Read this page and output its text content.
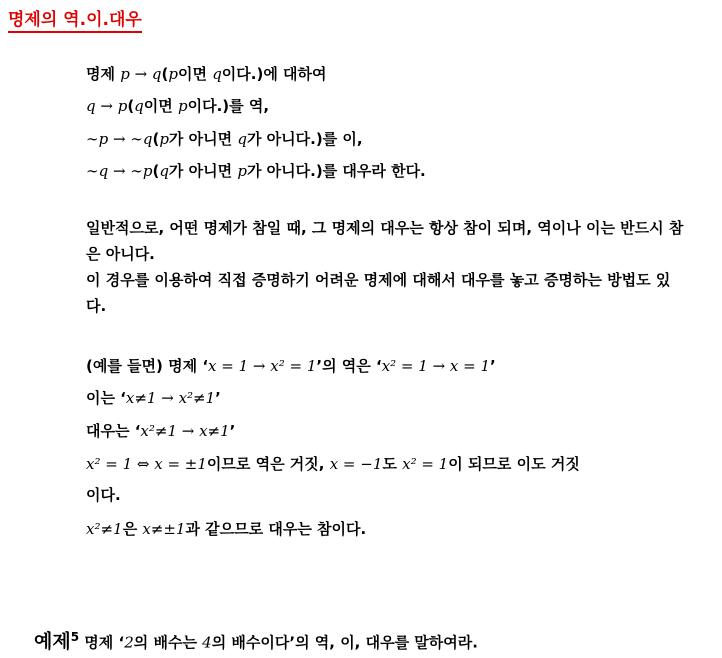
명제의 역.이.대우
명제 p → q(p이면 q이다.)에 대하여
q → p(q이면 p이다.)를 역,
∼p → ∼q(p가 아니면 q가 아니다.)를 이,
∼q → ∼p(q가 아니면 p가 아니다.)를 대우라 한다.
일반적으로, 어떤 명제가 참일 때, 그 명제의 대우는 항상 참이 되며, 역이나 이는 반드시 참은 아니다.
이 경우를 이용하여 직접 증명하기 어려운 명제에 대해서 대우를 놓고 증명하는 방법도 있다.
(예를 들면) 명제 ‘x = 1 → x² = 1’의 역은 ‘x² = 1 → x = 1’
이는 ‘x≠1 → x²≠1’
대우는 ‘x²≠1 → x≠1’
x² = 1 ⇔ x = ±1이므로 역은 거짓, x = −1도 x² = 1이 되므로 이도 거짓
이다.
x²≠1은 x≠±1과 같으므로 대우는 참이다.
예제$^5$ 명제 ‘2의 배수는 4의 배수이다’의 역, 이, 대우를 말하여라.
